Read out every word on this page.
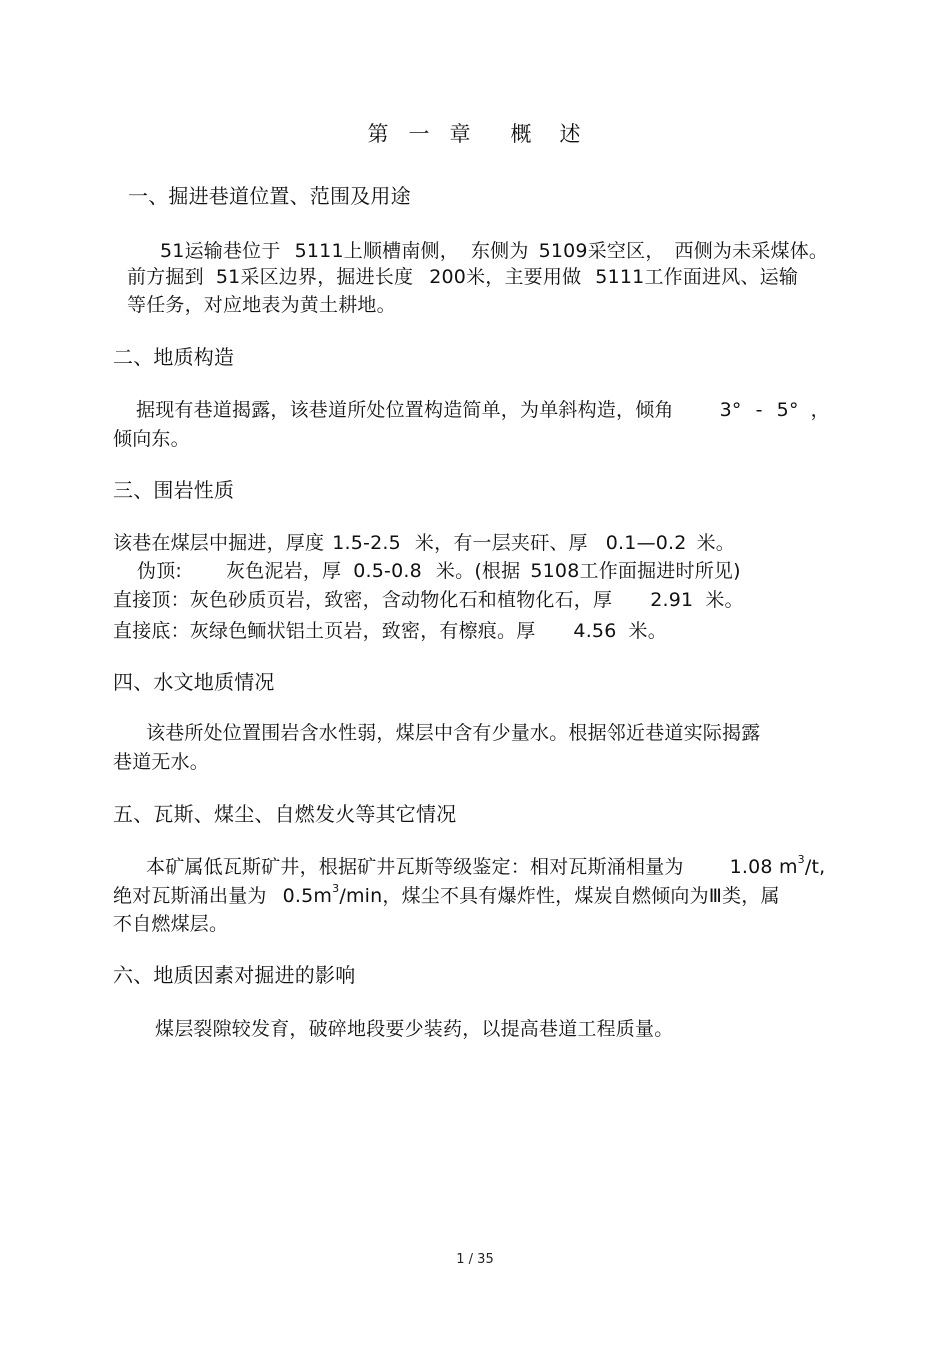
第 一 章 概 述
一、掘进巷道位置、范围及用途
51运输巷位于 5111上顺槽南侧， 东侧为 5109采空区， 西侧为未采煤体。
前方掘到 51采区边界，掘进长度 200米，主要用做 5111工作面进风、运输
等任务，对应地表为黄土耕地。
二、地质构造
据现有巷道揭露，该巷道所处位置构造简单，为单斜构造，倾角 3° - 5° ，
倾向东。
三、围岩性质
该巷在煤层中掘进，厚度 1.5-2.5 米，有一层夹矸、厚 0.1—0.2 米。
伪顶: 灰色泥岩，厚 0.5-0.8 米。(根据 5108工作面掘进时所见)
直接顶：灰色砂质页岩，致密，含动物化石和植物化石，厚 2.91 米。
直接底：灰绿色鲕状铝土页岩，致密，有檫痕。厚 4.56 米。
四、水文地质情况
该巷所处位置围岩含水性弱，煤层中含有少量水。根据邻近巷道实际揭露
巷道无水。
五、瓦斯、煤尘、自燃发火等其它情况
本矿属低瓦斯矿井，根据矿井瓦斯等级鉴定：相对瓦斯涌相量为 1.08 $m^3/t$,
绝对瓦斯涌出量为 $0.5m^3/\min$，煤尘不具有爆炸性，煤炭自燃倾向为Ⅲ类，属
不自燃煤层。
六、地质因素对掘进的影响
煤层裂隙较发育，破碎地段要少装药，以提高巷道工程质量。
1 / 35
